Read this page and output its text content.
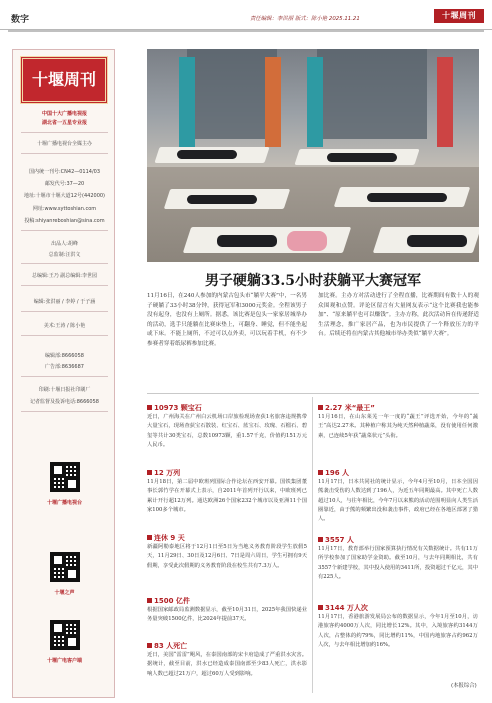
数字	责任编辑：李洪丽 版式：陈小艳 2025.11.21	十堰周刊
十堰周刊
中国十大广播电视报
湖北省一五星专业报
十堰广播电视台全媒主办
国内统一刊号:CN42—0114/03
邮发代号:37—20
地址:十堰市十堰大道12号(442000)
网址:www.syttoshian.com
投稿:shiyanreboshian@sina.com
出品人:胡峰
总监制:汪洪文
总编辑:王乃 副总编辑:李世园
编辑:张洪丽 / 李婷 / 于子涵
美术:王涛 / 陈小艳
编辑部:8666058
广告部:8636687
印刷:十堰日报社印刷厂
记者监督及投诉电话:8666058
十堰广播电视台
十堰之声
十堰广电客户端
男子硬躺33.5小时获躺平大赛冠军
11月16日，在240人参加的内蒙古包头市“躺平大赛”中，一名男子硬躺了33小时38分钟，获得冠军和3000元奖金。全程该男子没有起身，也没有上厕所。据悉，该比赛是包头一家家居城举办的活动，选手只能躺在比赛床垫上，可翻身、睡觉，但不能坐起或下床。不能上厕所，不过可以点外卖，可以玩着手机，有不少参赛者穿着纸尿裤参加比赛。
加比赛。主办方对活动进行了全程直播，比赛期间有数十人的观众围观和点赞。评论区留言有大量网友表示“这个比赛我也能参加”、“原来躺平也可以赚钱”。主办方称，此次活动旨在传递舒适生活理念，推广家居产品，也为市民提供了一个释放压力的平台。后续还将在内蒙古其他城市举办类似“躺平大赛”。
10973 颗宝石
近日，广州海关在广州白云机场口岸旅检现场查获1名旅客违规携带大量宝石，现场查获宝石散装、红宝石、蓝宝石、玫瑰、石榴石、碧玺等共计30类宝石，总数10973颗，重1.57千克，价值约151万元人民币。
12 万列
11月18日，第二届中欧班列国际合作论坛在西安开幕。国铁集团董事长郭竹学在开幕式上表示，自2011年首列开行以来，中欧班列已累计开行超12万列。通达欧洲26个国家232个城市以及亚洲11个国家100多个城市。
连休 9 天
新疆阿勒泰地区将于12月1日至5日为当地义务教育阶段学生放假5天，11月29日、30日及12月6日、7日是周六周日，学生可拥有9天假期，享受此次假期的义务教育阶段在校生共有7.3万人。
1500 亿件
根据国家邮政局监测数据显示，截至10月31日，2025年我国快递业务量突破1500亿件，比2024年提前37天。
83 人死亡
近日，美国“雷雷”飓风，在泰国南部的宋卡府造成了严重洪水灾害。据统计，截至目前，洪水已经造成泰国南部至少83人死亡，洪水影响人数已超过21万户，超过60万人受到影响。
2.27 米“最王”
11月16日，在山东莱芜一年一度的“蔬王”评选开始，今年的“蔬王”高达2.27米。其种植户称其为纯天然种植蔬菜，没有使用任何激素，已连续5年获“蔬菜状元”头衔。
196 人
11月17日，日本共同社的统计显示，今年4月至10月，日本全国因熊袭击受伤的人数达到了196人，为近五年同期最高。其中死亡人数超过10人，与往年相比，今年7月以来熊的活动范围明显向人类生活圈靠近，由于熊的频繁出没和袭击事件，政府已经在各地区部署了猎人。
3557 人
11月17日，教育部举行国家预算执行情况有关数据统计。共有11万所学校参加了国家助学金资助。截至10月，与去年同期相比，共有3557个新建学校，其中投入使用的3411所，投资超过千亿元，其中有225人。
3144 万人次
11月17日，香港旅游发展局公布的数据显示，今年1月至10月，访港旅客约4000万人次，同比增长12%。其中，入境旅客约3144万人次，占整体的约79%，同比增约11%，中国内地旅客占约962万人次，与去年相比增加约16%。
(本报综合)
